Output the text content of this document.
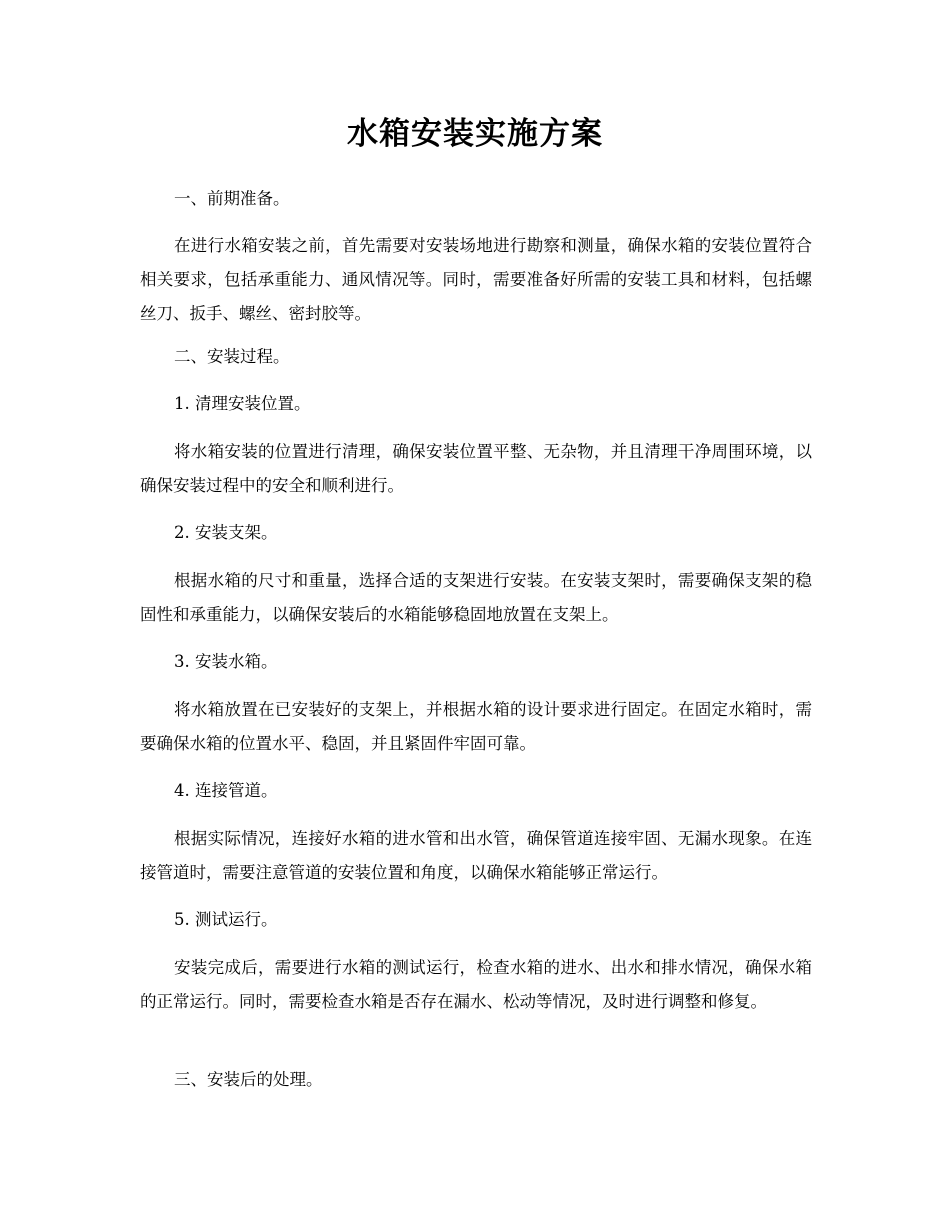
水箱安装实施方案

一、前期准备。

在进行水箱安装之前，首先需要对安装场地进行勘察和测量，确保水箱的安装位置符合相关要求，包括承重能力、通风情况等。同时，需要准备好所需的安装工具和材料，包括螺丝刀、扳手、螺丝、密封胶等。

二、安装过程。

1. 清理安装位置。

将水箱安装的位置进行清理，确保安装位置平整、无杂物，并且清理干净周围环境，以确保安装过程中的安全和顺利进行。

2. 安装支架。

根据水箱的尺寸和重量，选择合适的支架进行安装。在安装支架时，需要确保支架的稳固性和承重能力，以确保安装后的水箱能够稳固地放置在支架上。

3. 安装水箱。

将水箱放置在已安装好的支架上，并根据水箱的设计要求进行固定。在固定水箱时，需要确保水箱的位置水平、稳固，并且紧固件牢固可靠。

4. 连接管道。

根据实际情况，连接好水箱的进水管和出水管，确保管道连接牢固、无漏水现象。在连接管道时，需要注意管道的安装位置和角度，以确保水箱能够正常运行。

5. 测试运行。

安装完成后，需要进行水箱的测试运行，检查水箱的进水、出水和排水情况，确保水箱的正常运行。同时，需要检查水箱是否存在漏水、松动等情况，及时进行调整和修复。

三、安装后的处理。
